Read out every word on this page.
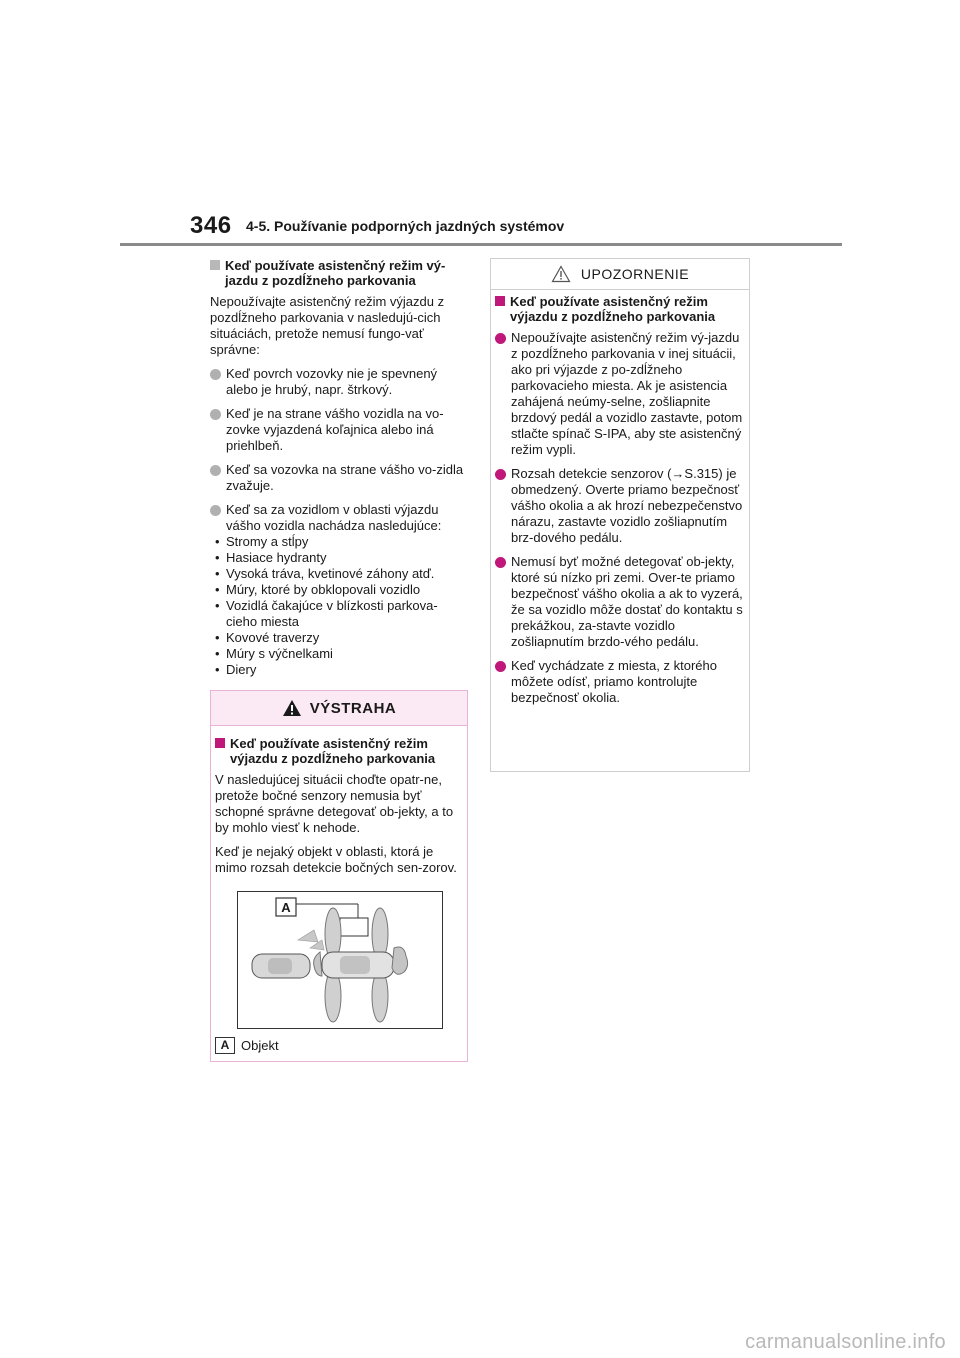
346 4-5. Používanie podporných jazdných systémov
Keď používate asistenčný režim vý-jazdu z pozdĺžneho parkovania

Nepoužívajte asistenčný režim výjazdu z pozdĺžneho parkovania v nasledujú-cich situáciách, pretože nemusí fungo-vať správne:

Keď povrch vozovky nie je spevnený alebo je hrubý, napr. štrkový.
Keď je na strane vášho vozidla na vo-zovke vyjazdená koľajnica alebo iná priehlbeň.
Keď sa vozovka na strane vášho vo-zidla zvažuje.
Keď sa za vozidlom v oblasti výjazdu vášho vozidla nachádza nasledujúce:
• Stromy a stĺpy
• Hasiace hydranty
• Vysoká tráva, kvetinové záhony atď.
• Múry, ktoré by obklopovali vozidlo
• Vozidlá čakajúce v blízkosti parkova-cieho miesta
• Kovové traverzy
• Múry s výčnelkami
• Diery
VÝSTRAHA
Keď používate asistenčný režim výjazdu z pozdĺžneho parkovania

V nasledujúcej situácii choďte opatr-ne, pretože bočné senzory nemusia byť schopné správne detegovať ob-jekty, a to by mohlo viesť k nehode.

Keď je nejaký objekt v oblasti, ktorá je mimo rozsah detekcie bočných sen-zorov.

A
A Objekt
UPOZORNENIE
Keď používate asistenčný režim výjazdu z pozdĺžneho parkovania
Nepoužívajte asistenčný režim vý-jazdu z pozdĺžneho parkovania v inej situácii, ako pri výjazde z po-zdĺžneho parkovacieho miesta. Ak je asistencia zahájená neúmy-selne, zošliapnite brzdový pedál a vozidlo zastavte, potom stlačte spínač S-IPA, aby ste asistenčný režim vypli.
Rozsah detekcie senzorov (→S.315) je obmedzený. Overte priamo bezpečnosť vášho okolia a ak hrozí nebezpečenstvo nárazu, zastavte vozidlo zošliapnutím brz-dového pedálu.
Nemusí byť možné detegovať ob-jekty, ktoré sú nízko pri zemi. Over-te priamo bezpečnosť vášho okolia a ak to vyzerá, že sa vozidlo môže dostať do kontaktu s prekážkou, za-stavte vozidlo zošliapnutím brzdo-vého pedálu.
Keď vychádzate z miesta, z ktorého môžete odísť, priamo kontrolujte bezpečnosť okolia.
carmanualsonline.info
